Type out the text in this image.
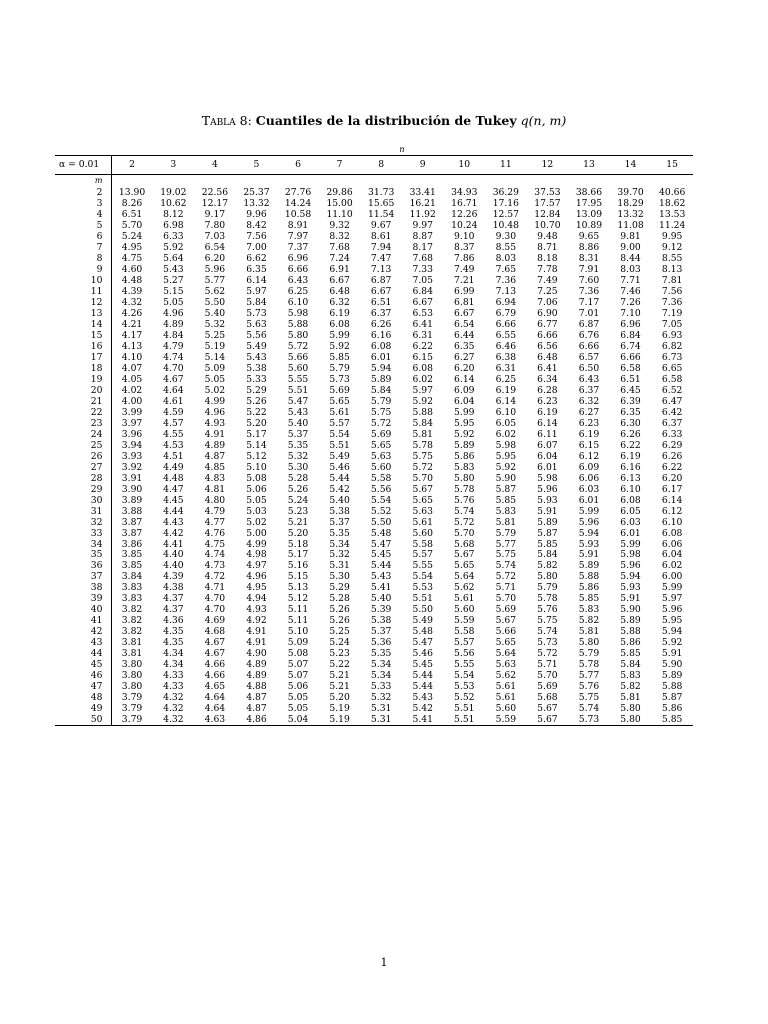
Tabla 8: Cuantiles de la distribución de Tukey q(n, m)
	n													
α = 0.01	2	3	4	5	6	7	8	9	10	11	12	13	14	15
m														
2	13.90	19.02	22.56	25.37	27.76	29.86	31.73	33.41	34.93	36.29	37.53	38.66	39.70	40.66
3	8.26	10.62	12.17	13.32	14.24	15.00	15.65	16.21	16.71	17.16	17.57	17.95	18.29	18.62
4	6.51	8.12	9.17	9.96	10.58	11.10	11.54	11.92	12.26	12.57	12.84	13.09	13.32	13.53
5	5.70	6.98	7.80	8.42	8.91	9.32	9.67	9.97	10.24	10.48	10.70	10.89	11.08	11.24
6	5.24	6.33	7.03	7.56	7.97	8.32	8.61	8.87	9.10	9.30	9.48	9.65	9.81	9.95
7	4.95	5.92	6.54	7.00	7.37	7.68	7.94	8.17	8.37	8.55	8.71	8.86	9.00	9.12
8	4.75	5.64	6.20	6.62	6.96	7.24	7.47	7.68	7.86	8.03	8.18	8.31	8.44	8.55
9	4.60	5.43	5.96	6.35	6.66	6.91	7.13	7.33	7.49	7.65	7.78	7.91	8.03	8.13
10	4.48	5.27	5.77	6.14	6.43	6.67	6.87	7.05	7.21	7.36	7.49	7.60	7.71	7.81
11	4.39	5.15	5.62	5.97	6.25	6.48	6.67	6.84	6.99	7.13	7.25	7.36	7.46	7.56
12	4.32	5.05	5.50	5.84	6.10	6.32	6.51	6.67	6.81	6.94	7.06	7.17	7.26	7.36
13	4.26	4.96	5.40	5.73	5.98	6.19	6.37	6.53	6.67	6.79	6.90	7.01	7.10	7.19
14	4.21	4.89	5.32	5.63	5.88	6.08	6.26	6.41	6.54	6.66	6.77	6.87	6.96	7.05
15	4.17	4.84	5.25	5.56	5.80	5.99	6.16	6.31	6.44	6.55	6.66	6.76	6.84	6.93
16	4.13	4.79	5.19	5.49	5.72	5.92	6.08	6.22	6.35	6.46	6.56	6.66	6.74	6.82
17	4.10	4.74	5.14	5.43	5.66	5.85	6.01	6.15	6.27	6.38	6.48	6.57	6.66	6.73
18	4.07	4.70	5.09	5.38	5.60	5.79	5.94	6.08	6.20	6.31	6.41	6.50	6.58	6.65
19	4.05	4.67	5.05	5.33	5.55	5.73	5.89	6.02	6.14	6.25	6.34	6.43	6.51	6.58
20	4.02	4.64	5.02	5.29	5.51	5.69	5.84	5.97	6.09	6.19	6.28	6.37	6.45	6.52
21	4.00	4.61	4.99	5.26	5.47	5.65	5.79	5.92	6.04	6.14	6.23	6.32	6.39	6.47
22	3.99	4.59	4.96	5.22	5.43	5.61	5.75	5.88	5.99	6.10	6.19	6.27	6.35	6.42
23	3.97	4.57	4.93	5.20	5.40	5.57	5.72	5.84	5.95	6.05	6.14	6.23	6.30	6.37
24	3.96	4.55	4.91	5.17	5.37	5.54	5.69	5.81	5.92	6.02	6.11	6.19	6.26	6.33
25	3.94	4.53	4.89	5.14	5.35	5.51	5.65	5.78	5.89	5.98	6.07	6.15	6.22	6.29
26	3.93	4.51	4.87	5.12	5.32	5.49	5.63	5.75	5.86	5.95	6.04	6.12	6.19	6.26
27	3.92	4.49	4.85	5.10	5.30	5.46	5.60	5.72	5.83	5.92	6.01	6.09	6.16	6.22
28	3.91	4.48	4.83	5.08	5.28	5.44	5.58	5.70	5.80	5.90	5.98	6.06	6.13	6.20
29	3.90	4.47	4.81	5.06	5.26	5.42	5.56	5.67	5.78	5.87	5.96	6.03	6.10	6.17
30	3.89	4.45	4.80	5.05	5.24	5.40	5.54	5.65	5.76	5.85	5.93	6.01	6.08	6.14
31	3.88	4.44	4.79	5.03	5.23	5.38	5.52	5.63	5.74	5.83	5.91	5.99	6.05	6.12
32	3.87	4.43	4.77	5.02	5.21	5.37	5.50	5.61	5.72	5.81	5.89	5.96	6.03	6.10
33	3.87	4.42	4.76	5.00	5.20	5.35	5.48	5.60	5.70	5.79	5.87	5.94	6.01	6.08
34	3.86	4.41	4.75	4.99	5.18	5.34	5.47	5.58	5.68	5.77	5.85	5.93	5.99	6.06
35	3.85	4.40	4.74	4.98	5.17	5.32	5.45	5.57	5.67	5.75	5.84	5.91	5.98	6.04
36	3.85	4.40	4.73	4.97	5.16	5.31	5.44	5.55	5.65	5.74	5.82	5.89	5.96	6.02
37	3.84	4.39	4.72	4.96	5.15	5.30	5.43	5.54	5.64	5.72	5.80	5.88	5.94	6.00
38	3.83	4.38	4.71	4.95	5.13	5.29	5.41	5.53	5.62	5.71	5.79	5.86	5.93	5.99
39	3.83	4.37	4.70	4.94	5.12	5.28	5.40	5.51	5.61	5.70	5.78	5.85	5.91	5.97
40	3.82	4.37	4.70	4.93	5.11	5.26	5.39	5.50	5.60	5.69	5.76	5.83	5.90	5.96
41	3.82	4.36	4.69	4.92	5.11	5.26	5.38	5.49	5.59	5.67	5.75	5.82	5.89	5.95
42	3.82	4.35	4.68	4.91	5.10	5.25	5.37	5.48	5.58	5.66	5.74	5.81	5.88	5.94
43	3.81	4.35	4.67	4.91	5.09	5.24	5.36	5.47	5.57	5.65	5.73	5.80	5.86	5.92
44	3.81	4.34	4.67	4.90	5.08	5.23	5.35	5.46	5.56	5.64	5.72	5.79	5.85	5.91
45	3.80	4.34	4.66	4.89	5.07	5.22	5.34	5.45	5.55	5.63	5.71	5.78	5.84	5.90
46	3.80	4.33	4.66	4.89	5.07	5.21	5.34	5.44	5.54	5.62	5.70	5.77	5.83	5.89
47	3.80	4.33	4.65	4.88	5.06	5.21	5.33	5.44	5.53	5.61	5.69	5.76	5.82	5.88
48	3.79	4.32	4.64	4.87	5.05	5.20	5.32	5.43	5.52	5.61	5.68	5.75	5.81	5.87
49	3.79	4.32	4.64	4.87	5.05	5.19	5.31	5.42	5.51	5.60	5.67	5.74	5.80	5.86
50	3.79	4.32	4.63	4.86	5.04	5.19	5.31	5.41	5.51	5.59	5.67	5.73	5.80	5.85
1
